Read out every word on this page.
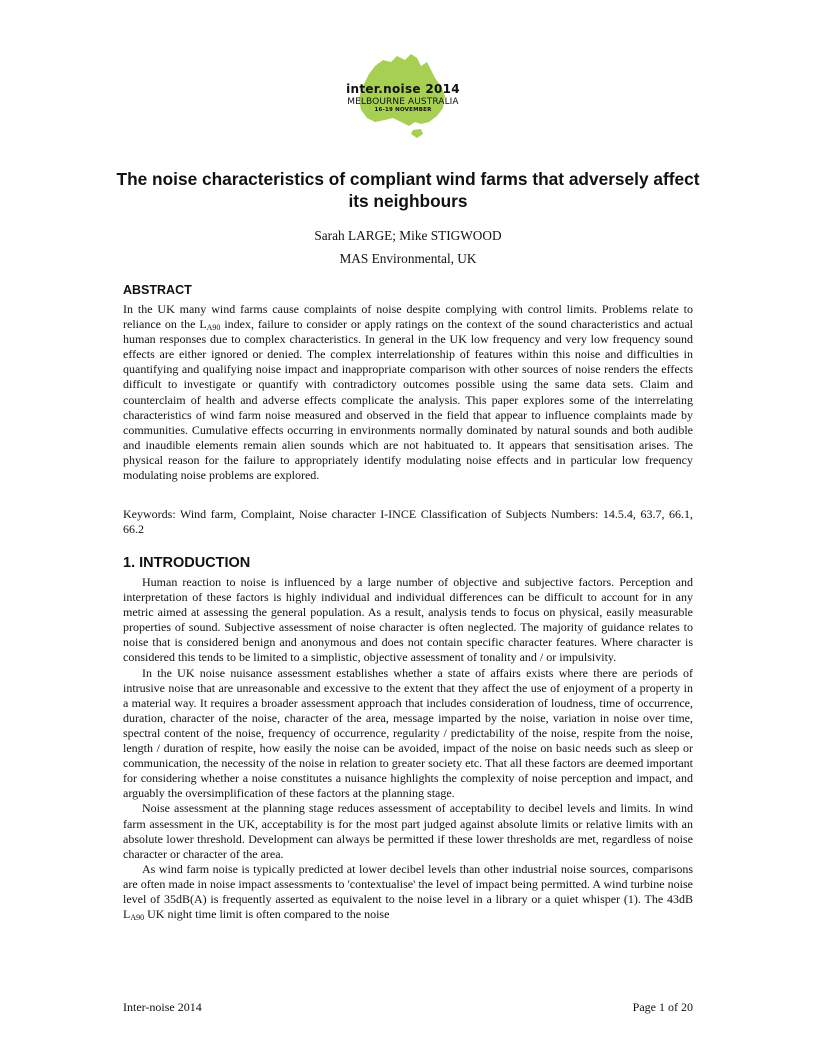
inter.noise 2014
MELBOURNE AUSTRALIA
16-19 NOVEMBER
The noise characteristics of compliant wind farms that adversely affect its neighbours
Sarah LARGE; Mike STIGWOOD
MAS Environmental, UK
ABSTRACT
In the UK many wind farms cause complaints of noise despite complying with control limits. Problems relate to reliance on the $L_{A90}$ index, failure to consider or apply ratings on the context of the sound characteristics and actual human responses due to complex characteristics. In general in the UK low frequency and very low frequency sound effects are either ignored or denied. The complex interrelationship of features within this noise and difficulties in quantifying and qualifying noise impact and inappropriate comparison with other sources of noise renders the effects difficult to investigate or quantify with contradictory outcomes possible using the same data sets. Claim and counterclaim of health and adverse effects complicate the analysis. This paper explores some of the interrelating characteristics of wind farm noise measured and observed in the field that appear to influence complaints made by communities. Cumulative effects occurring in environments normally dominated by natural sounds and both audible and inaudible elements remain alien sounds which are not habituated to. It appears that sensitisation arises. The physical reason for the failure to appropriately identify modulating noise effects and in particular low frequency modulating noise problems are explored.
Keywords: Wind farm, Complaint, Noise character I-INCE Classification of Subjects Numbers: 14.5.4, 63.7, 66.1, 66.2
1. INTRODUCTION

Human reaction to noise is influenced by a large number of objective and subjective factors. Perception and interpretation of these factors is highly individual and individual differences can be difficult to account for in any metric aimed at assessing the general population. As a result, analysis tends to focus on physical, easily measurable properties of sound. Subjective assessment of noise character is often neglected. The majority of guidance relates to noise that is considered benign and anonymous and does not contain specific character features. Where character is considered this tends to be limited to a simplistic, objective assessment of tonality and / or impulsivity.

In the UK noise nuisance assessment establishes whether a state of affairs exists where there are periods of intrusive noise that are unreasonable and excessive to the extent that they affect the use of enjoyment of a property in a material way. It requires a broader assessment approach that includes consideration of loudness, time of occurrence, duration, character of the noise, character of the area, message imparted by the noise, variation in noise over time, spectral content of the noise, frequency of occurrence, regularity / predictability of the noise, respite from the noise, length / duration of respite, how easily the noise can be avoided, impact of the noise on basic needs such as sleep or communication, the necessity of the noise in relation to greater society etc. That all these factors are deemed important for considering whether a noise constitutes a nuisance highlights the complexity of noise perception and impact, and arguably the oversimplification of these factors at the planning stage.

Noise assessment at the planning stage reduces assessment of acceptability to decibel levels and limits. In wind farm assessment in the UK, acceptability is for the most part judged against absolute limits or relative limits with an absolute lower threshold. Development can always be permitted if these lower thresholds are met, regardless of noise character or character of the area.

As wind farm noise is typically predicted at lower decibel levels than other industrial noise sources, comparisons are often made in noise impact assessments to 'contextualise' the level of impact being permitted. A wind turbine noise level of 35dB(A) is frequently asserted as equivalent to the noise level in a library or a quiet whisper (1). The 43dB $L_{A90}$ UK night time limit is often compared to the noise

Inter-noise 2014	Page 1 of 20
